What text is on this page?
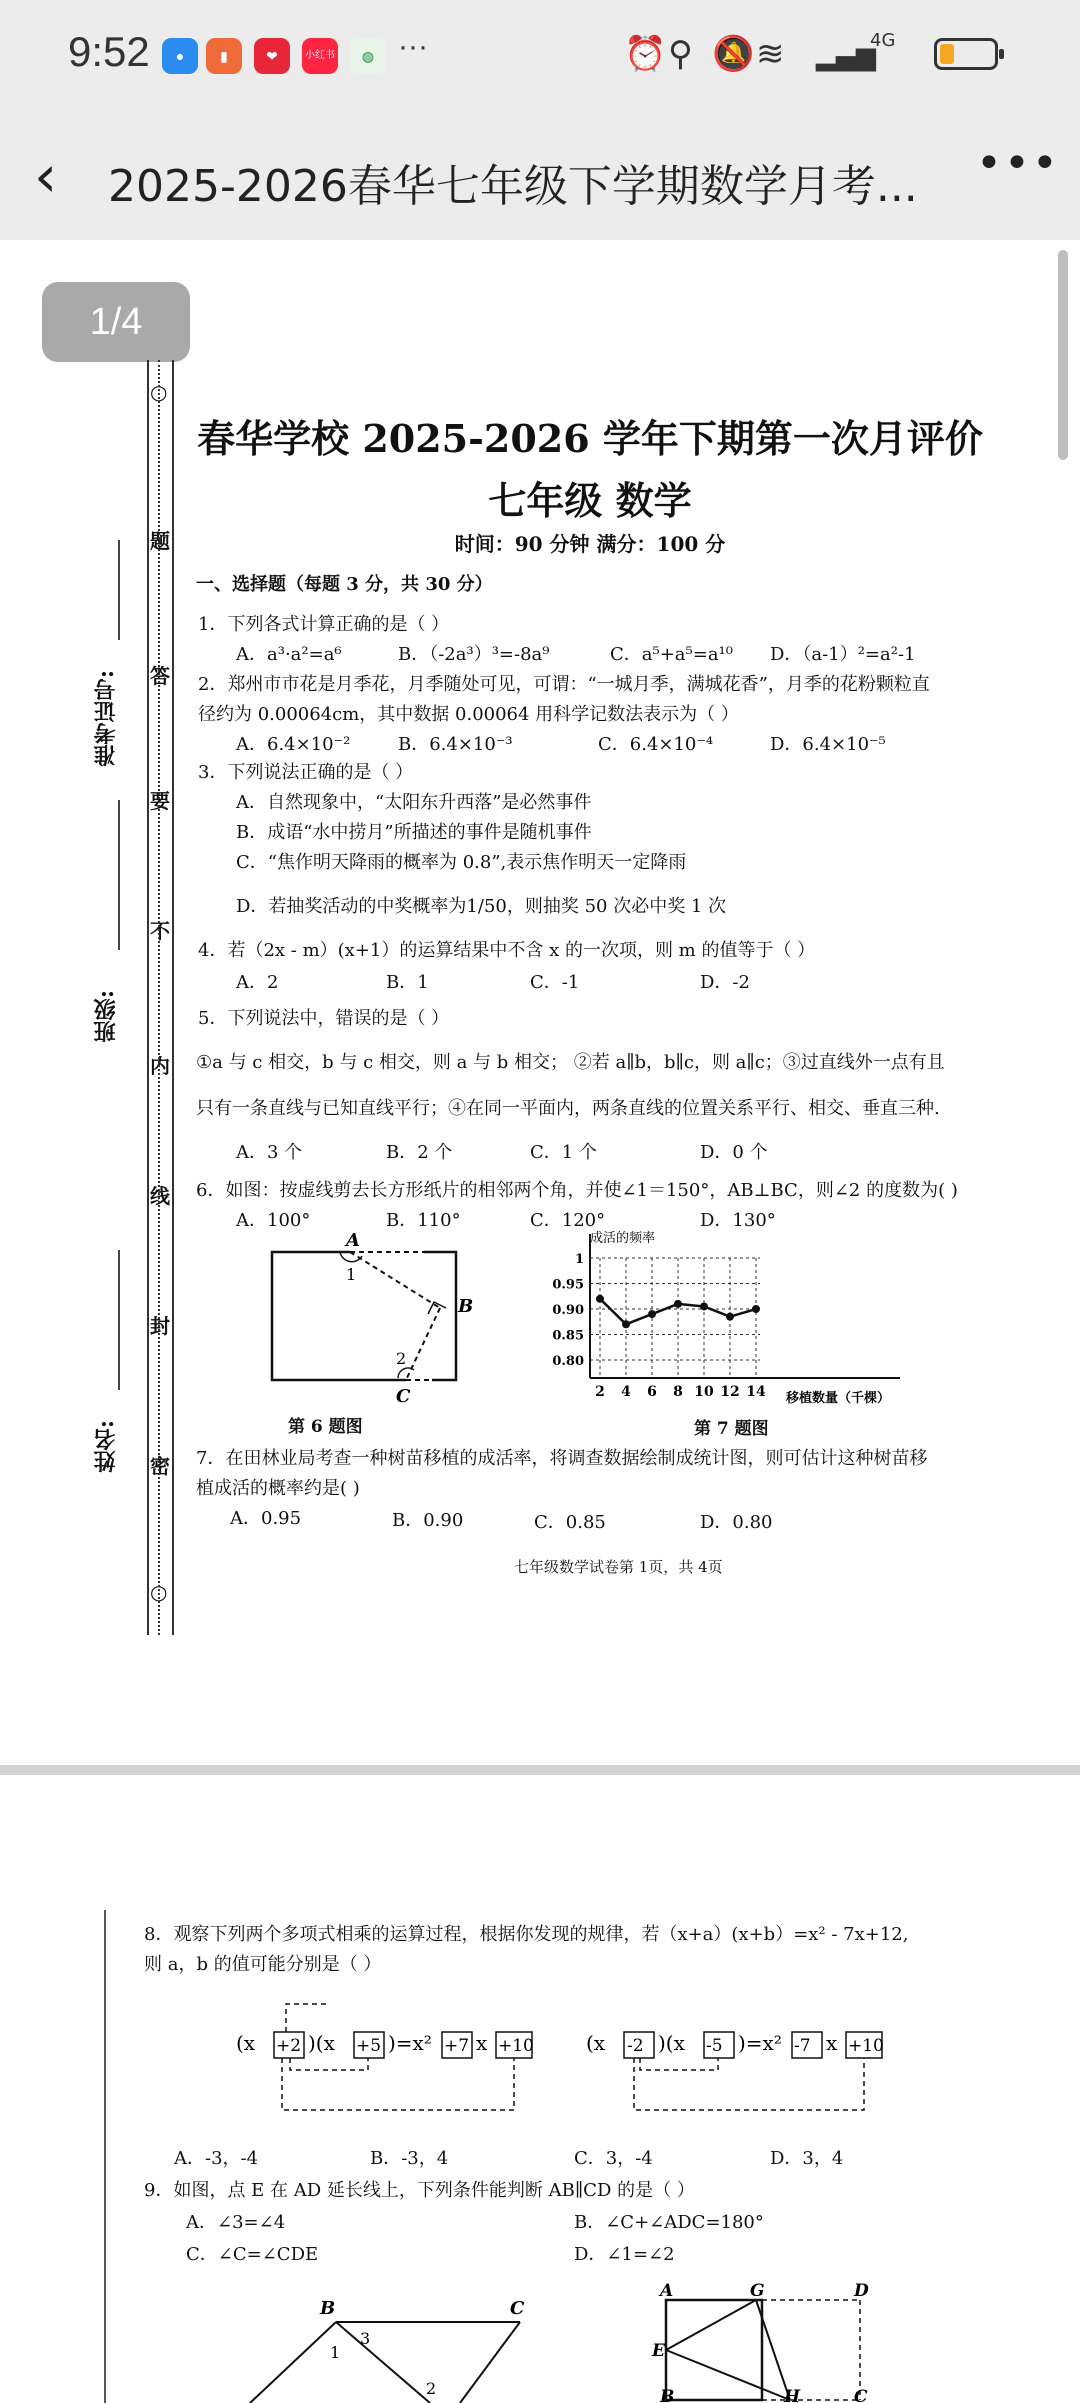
9:52	●	▮	❤	小红书	◍ ···	⏰ ⚲ 🔕 ≋ ▂▄▆
4G
‹ 2025-2026春华七年级下学期数学月考...	•••
1/4
○
题
答
要
不
内
线
封
密
○
准考证号:
班级:
姓名:
春华学校 2025-2026 学年下期第一次月评价
七年级 数学
时间：90 分钟 满分：100 分
一、选择题（每题 3 分，共 30 分）
1．下列各式计算正确的是（ ）
A．a³·a²=a⁶	B．（-2a³）³=-8a⁹	C．a⁵+a⁵=a¹⁰ D．（a-1）²=a²-1
2．郑州市市花是月季花，月季随处可见，可谓：“一城月季，满城花香”，月季的花粉颗粒直
径约为 0.00064cm，其中数据 0.00064 用科学记数法表示为（ ）
A．6.4×10⁻²	B．6.4×10⁻³	C．6.4×10⁻⁴	D．6.4×10⁻⁵
3．下列说法正确的是（ ）
A．自然现象中，“太阳东升西落”是必然事件
B．成语“水中捞月”所描述的事件是随机事件
C．“焦作明天降雨的概率为 0.8”,表示焦作明天一定降雨
D．若抽奖活动的中奖概率为1/50，则抽奖 50 次必中奖 1 次
4．若（2x - m）(x+1）的运算结果中不含 x 的一次项，则 m 的值等于（ ）
A．2	B．1	C．-1	D．-2
5．下列说法中，错误的是（ ）
①a 与 c 相交，b 与 c 相交，则 a 与 b 相交； ②若 a∥b，b∥c，则 a∥c；③过直线外一点有且
只有一条直线与已知直线平行；④在同一平面内，两条直线的位置关系平行、相交、垂直三种.
A．3 个	B．2 个	C．1 个	D．0 个
6．如图：按虚线剪去长方形纸片的相邻两个角，并使∠1＝150°，AB⊥BC，则∠2 的度数为( )
A．100°	B．110°	C．120°	D．130°
A
1
B
2
C
成活的频率
移植数量（千棵）
1
0.95
0.90
0.85
0.80
2 4 6 8 10 12 14
第 6 题图	第 7 题图
7．在田林业局考查一种树苗移植的成活率，将调查数据绘制成统计图，则可估计这种树苗移
植成活的概率约是( )
A．0.95	B．0.90	C．0.85	D．0.80
七年级数学试卷第 1页，共 4页
8．观察下列两个多项式相乘的运算过程，根据你发现的规律，若（x+a）(x+b）=x² - 7x+12,
则 a，b 的值可能分别是（ ）
(x +2 )(x +5 )=x² +7 x +10	(x -2 )(x -5 )=x² -7 x +10
A．-3，-4	B．-3，4	C．3，-4	D．3，4
9．如图，点 E 在 AD 延长线上，下列条件能判断 AB∥CD 的是（ ）
A．∠3=∠4	B．∠C+∠ADC=180°
C．∠C=∠CDE	D．∠1=∠2
B	C
1
3
2
A	G	D
E
B	H	C
